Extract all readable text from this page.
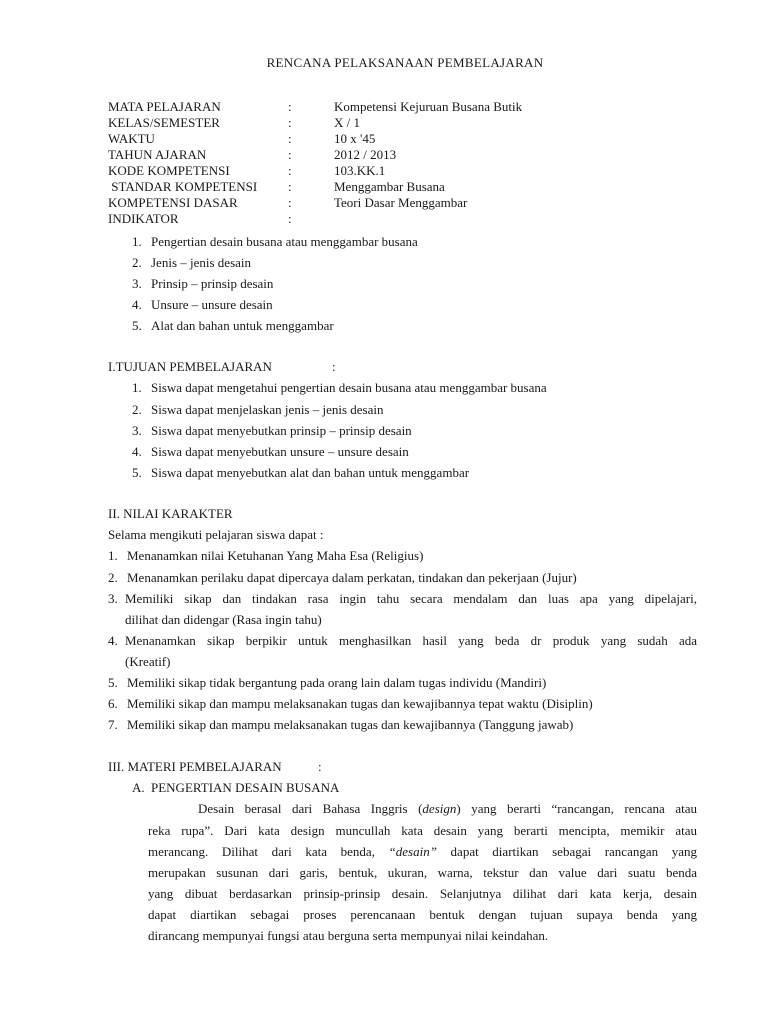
RENCANA PELAKSANAAN PEMBELAJARAN
MATA PELAJARAN	:	Kompetensi Kejuruan Busana Butik
KELAS/SEMESTER	:	X / 1
WAKTU	:	10 x '45
TAHUN AJARAN	:	2012 / 2013
KODE KOMPETENSI	:	103.KK.1
STANDAR KOMPETENSI :	Menggambar Busana
KOMPETENSI DASAR	:	Teori Dasar Menggambar
INDIKATOR	:
1. Pengertian desain busana atau menggambar busana
2. Jenis – jenis desain
3. Prinsip – prinsip desain
4. Unsure – unsure desain
5. Alat dan bahan untuk menggambar
I.TUJUAN PEMBELAJARAN	:
1. Siswa dapat mengetahui pengertian desain busana atau menggambar busana
2. Siswa dapat menjelaskan jenis – jenis desain
3. Siswa dapat menyebutkan prinsip – prinsip desain
4. Siswa dapat menyebutkan unsure – unsure desain
5. Siswa dapat menyebutkan alat dan bahan untuk menggambar
II. NILAI KARAKTER
Selama mengikuti pelajaran siswa dapat :
1. Menanamkan nilai Ketuhanan Yang Maha Esa (Religius)
2. Menanamkan perilaku dapat dipercaya dalam perkatan, tindakan dan pekerjaan (Jujur)
3. Memiliki sikap dan tindakan rasa ingin tahu secara mendalam dan luas apa yang dipelajari,
dilihat dan didengar (Rasa ingin tahu)
4. Menanamkan sikap berpikir untuk menghasilkan hasil yang beda dr produk yang sudah ada
(Kreatif)
5. Memiliki sikap tidak bergantung pada orang lain dalam tugas individu (Mandiri)
6. Memiliki sikap dan mampu melaksanakan tugas dan kewajibannya tepat waktu (Disiplin)
7. Memiliki sikap dan mampu melaksanakan tugas dan kewajibannya (Tanggung jawab)
III. MATERI PEMBELAJARAN	:
A. PENGERTIAN DESAIN BUSANA
Desain berasal dari Bahasa Inggris (design) yang berarti “rancangan, rencana atau
reka rupa”. Dari kata design muncullah kata desain yang berarti mencipta, memikir atau
merancang. Dilihat dari kata benda, “desain” dapat diartikan sebagai rancangan yang
merupakan susunan dari garis, bentuk, ukuran, warna, tekstur dan value dari suatu benda
yang dibuat berdasarkan prinsip-prinsip desain. Selanjutnya dilihat dari kata kerja, desain
dapat diartikan sebagai proses perencanaan bentuk dengan tujuan supaya benda yang
dirancang mempunyai fungsi atau berguna serta mempunyai nilai keindahan.
